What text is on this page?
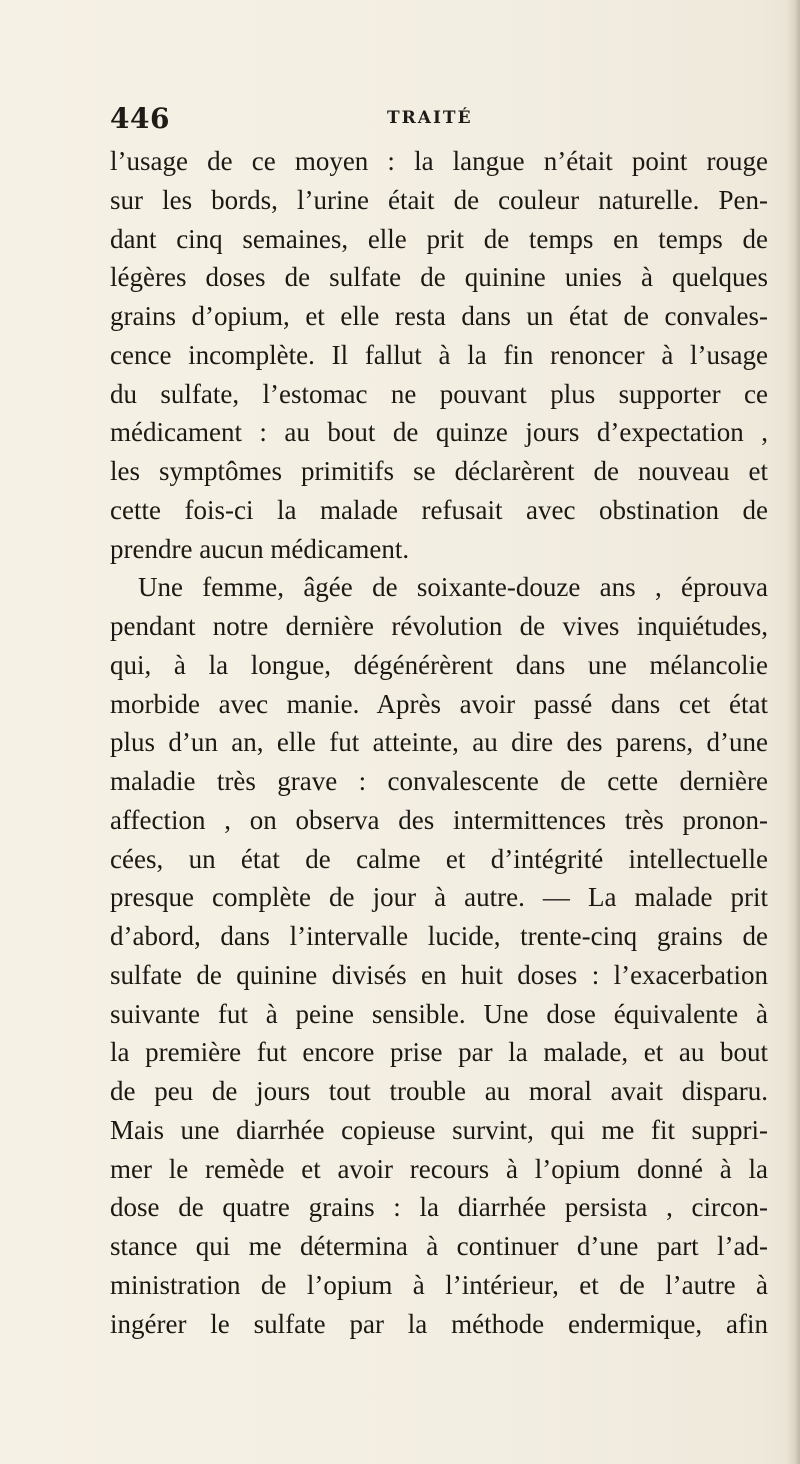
446	TRAITÉ
l’usage de ce moyen : la langue n’était point rouge
sur les bords, l’urine était de couleur naturelle. Pen-
dant cinq semaines, elle prit de temps en temps de
légères doses de sulfate de quinine unies à quelques
grains d’opium, et elle resta dans un état de convales-
cence incomplète. Il fallut à la fin renoncer à l’usage
du sulfate, l’estomac ne pouvant plus supporter ce
médicament : au bout de quinze jours d’expectation ,
les symptômes primitifs se déclarèrent de nouveau et
cette fois-ci la malade refusait avec obstination de
prendre aucun médicament.
Une femme, âgée de soixante-douze ans , éprouva
pendant notre dernière révolution de vives inquiétudes,
qui, à la longue, dégénérèrent dans une mélancolie
morbide avec manie. Après avoir passé dans cet état
plus d’un an, elle fut atteinte, au dire des parens, d’une
maladie très grave : convalescente de cette dernière
affection , on observa des intermittences très pronon-
cées, un état de calme et d’intégrité intellectuelle
presque complète de jour à autre. — La malade prit
d’abord, dans l’intervalle lucide, trente-cinq grains de
sulfate de quinine divisés en huit doses : l’exacerbation
suivante fut à peine sensible. Une dose équivalente à
la première fut encore prise par la malade, et au bout
de peu de jours tout trouble au moral avait disparu.
Mais une diarrhée copieuse survint, qui me fit suppri-
mer le remède et avoir recours à l’opium donné à la
dose de quatre grains : la diarrhée persista , circon-
stance qui me détermina à continuer d’une part l’ad-
ministration de l’opium à l’intérieur, et de l’autre à
ingérer le sulfate par la méthode endermique, afin
